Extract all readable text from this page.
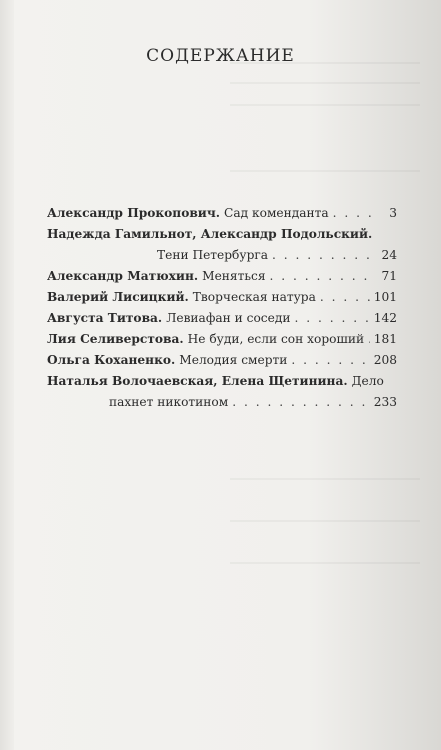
СОДЕРЖАНИЕ
Александр Прокопович. Сад коменданта . . .	3
Надежда Гамильнот, Александр Подольский.
Тени Петербурга . . .	24
Александр Матюхин. Меняться . . .	71
Валерий Лисицкий. Творческая натура . . .	101
Августа Титова. Левиафан и соседи . . .	142
Лия Селиверстова. Не буди, если сон хороший . . . 181
Ольга Коханенко. Мелодия смерти . . .	208
Наталья Волочаевская, Елена Щетинина. Дело
пахнет никотином . . .	233
